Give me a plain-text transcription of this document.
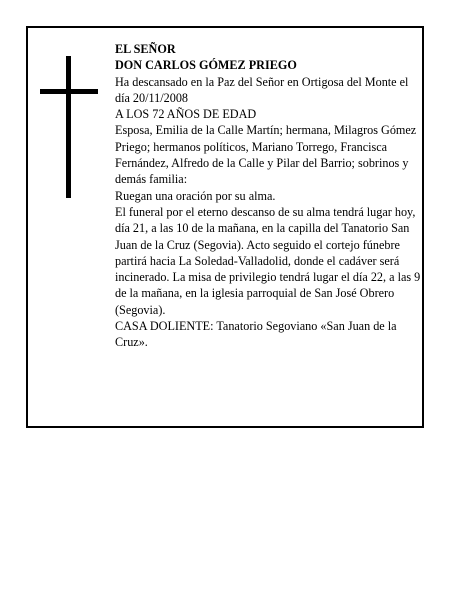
EL SEÑOR

DON CARLOS GÓMEZ PRIEGO

Ha descansado en la Paz del Señor en Ortigosa del Monte el día 20/11/2008

A LOS 72 AÑOS DE EDAD

Esposa, Emilia de la Calle Martín; hermana, Milagros Gómez Priego; hermanos políticos, Mariano Torrego, Francisca Fernández, Alfredo de la Calle y Pilar del Barrio; sobrinos y demás familia:

Ruegan una oración por su alma.

El funeral por el eterno descanso de su alma tendrá lugar hoy, día 21, a las 10 de la mañana, en la capilla del Tanatorio San Juan de la Cruz (Segovia). Acto seguido el cortejo fúnebre partirá hacia La Soledad-Valladolid, donde el cadáver será incinerado. La misa de privilegio tendrá lugar el día 22, a las 9 de la mañana, en la iglesia parroquial de San José Obrero (Segovia).

CASA DOLIENTE: Tanatorio Segoviano «San Juan de la Cruz».
